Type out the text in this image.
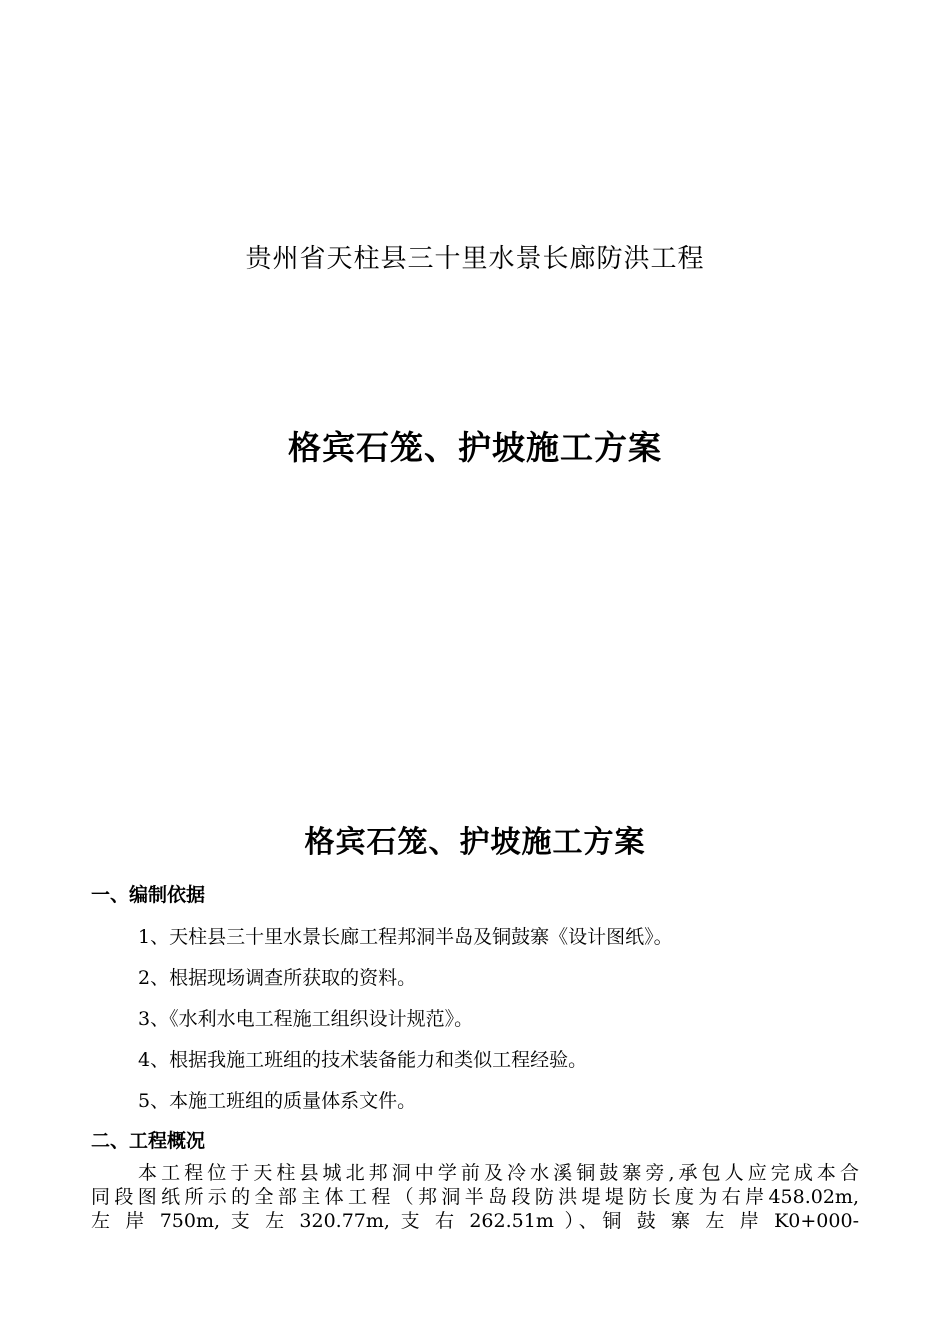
贵州省天柱县三十里水景长廊防洪工程
格宾石笼、护坡施工方案
格宾石笼、护坡施工方案
一、编制依据
1、天柱县三十里水景长廊工程邦洞半岛及铜鼓寨《设计图纸》。
2、根据现场调查所获取的资料。
3、《水利水电工程施工组织设计规范》。
4、根据我施工班组的技术装备能力和类似工程经验。
5、本施工班组的质量体系文件。
二、工程概况
本工程位于天柱县城北邦洞中学前及冷水溪铜鼓寨旁,承包人应完成本合
同段图纸所示的全部主体工程（邦洞半岛段防洪堤堤防长度为右岸458.02m,
左 岸 750m, 支 左 320.77m, 支 右 262.51m ）、铜 鼓 寨 左 岸 K0+000-
